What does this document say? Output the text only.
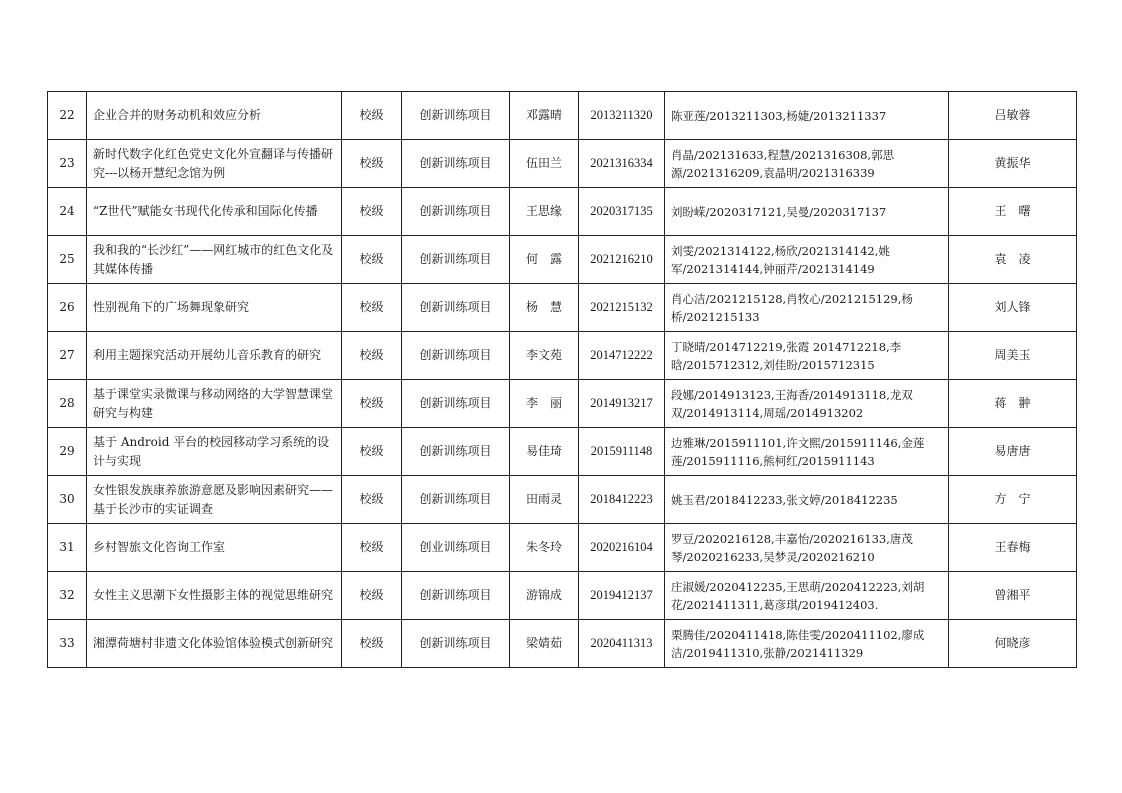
22	企业合并的财务动机和效应分析	校级	创新训练项目	邓露晴	2013211320	陈亚莲/2013211303,杨婕/2013211337	吕敏蓉
23	新时代数字化红色党史文化外宣翻译与传播研究---以杨开慧纪念馆为例	校级	创新训练项目	伍田兰	2021316334	肖晶/202131633,程慧/2021316308,郭思源/2021316209,袁晶明/2021316339	黄振华
24	“Z世代”赋能女书现代化传承和国际化传播	校级	创新训练项目	王思缘	2020317135	刘盼嵘/2020317121,吴曼/2020317137	王　曙
25	我和我的“长沙红”——网红城市的红色文化及其媒体传播	校级	创新训练项目	何　露	2021216210	刘雯/2021314122,杨欣/2021314142,姚军/2021314144,钟丽芹/2021314149	袁　凌
26	性别视角下的广场舞现象研究	校级	创新训练项目	杨　慧	2021215132	肖心洁/2021215128,肖牧心/2021215129,杨桥/2021215133	刘人锋
27	利用主题探究活动开展幼儿音乐教育的研究	校级	创新训练项目	李文苑	2014712222	丁晓晴/2014712219,张霞 2014712218,李晗/2015712312,刘佳盼/2015712315	周美玉
28	基于课堂实录微课与移动网络的大学智慧课堂研究与构建	校级	创新训练项目	李　丽	2014913217	段娜/2014913123,王海香/2014913118,龙双双/2014913114,周瑶/2014913202	蒋　翀
29	基于 Android 平台的校园移动学习系统的设计与实现	校级	创新训练项目	易佳琦	2015911148	边雅琳/2015911101,许文熙/2015911146,金莲莲/2015911116,熊柯红/2015911143	易唐唐
30	女性银发族康养旅游意愿及影响因素研究——基于长沙市的实证调查	校级	创新训练项目	田雨灵	2018412223	姚玉君/2018412233,张文婷/2018412235	方　宁
31	乡村智旅文化咨询工作室	校级	创业训练项目	朱冬玲	2020216104	罗豆/2020216128,丰嘉怡/2020216133,唐茂琴/2020216233,吴梦灵/2020216210	王春梅
32	女性主义思潮下女性摄影主体的视觉思维研究	校级	创新训练项目	游锦成	2019412137	庄淑媛/2020412235,王思萌/2020412223,刘胡花/2021411311,葛彦琪/2019412403.	曾湘平
33	湘潭荷塘村非遗文化体验馆体验模式创新研究	校级	创新训练项目	梁婧茹	2020411313	栗腾佳/2020411418,陈佳雯/2020411102,廖成洁/2019411310,张静/2021411329	何晓彦
